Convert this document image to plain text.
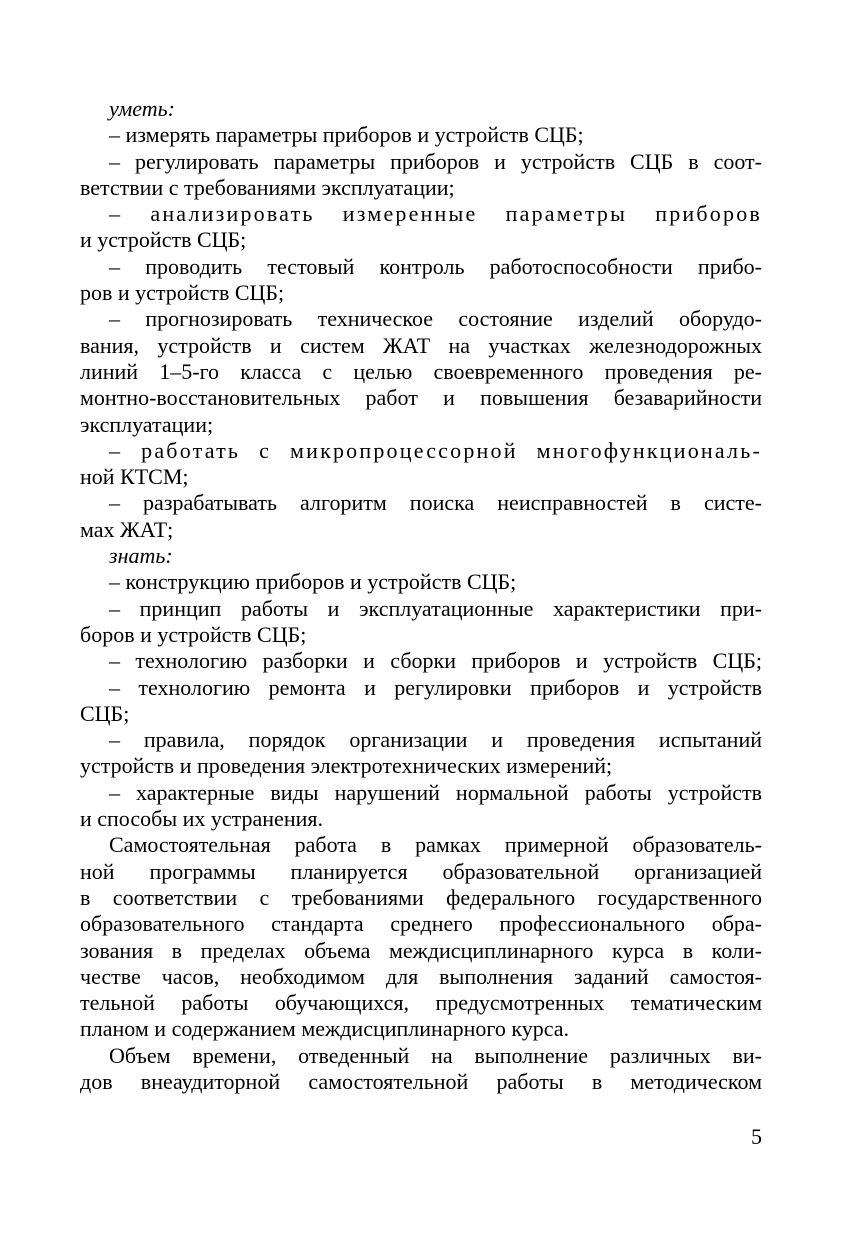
уметь:
– измерять параметры приборов и устройств СЦБ;
– регулировать параметры приборов и устройств СЦБ в соот-
ветствии с требованиями эксплуатации;
– анализировать измеренные параметры приборов
и устройств СЦБ;
– проводить тестовый контроль работоспособности прибо-
ров и устройств СЦБ;
– прогнозировать техническое состояние изделий оборудо-
вания, устройств и систем ЖАТ на участках железнодорожных
линий 1–5-го класса с целью своевременного проведения ре-
монтно-восстановительных работ и повышения безаварийности
эксплуатации;
– работать с микропроцессорной многофункциональ-
ной КТСМ;
– разрабатывать алгоритм поиска неисправностей в систе-
мах ЖАТ;
знать:
– конструкцию приборов и устройств СЦБ;
– принцип работы и эксплуатационные характеристики при-
боров и устройств СЦБ;
– технологию разборки и сборки приборов и устройств СЦБ;
– технологию ремонта и регулировки приборов и устройств
СЦБ;
– правила, порядок организации и проведения испытаний
устройств и проведения электротехнических измерений;
– характерные виды нарушений нормальной работы устройств
и способы их устранения.
Самостоятельная работа в рамках примерной образователь-
ной программы планируется образовательной организацией
в соответствии с требованиями федерального государственного
образовательного стандарта среднего профессионального обра-
зования в пределах объема междисциплинарного курса в коли-
честве часов, необходимом для выполнения заданий самостоя-
тельной работы обучающихся, предусмотренных тематическим
планом и содержанием междисциплинарного курса.
Объем времени, отведенный на выполнение различных ви-
дов внеаудиторной самостоятельной работы в методическом
5
